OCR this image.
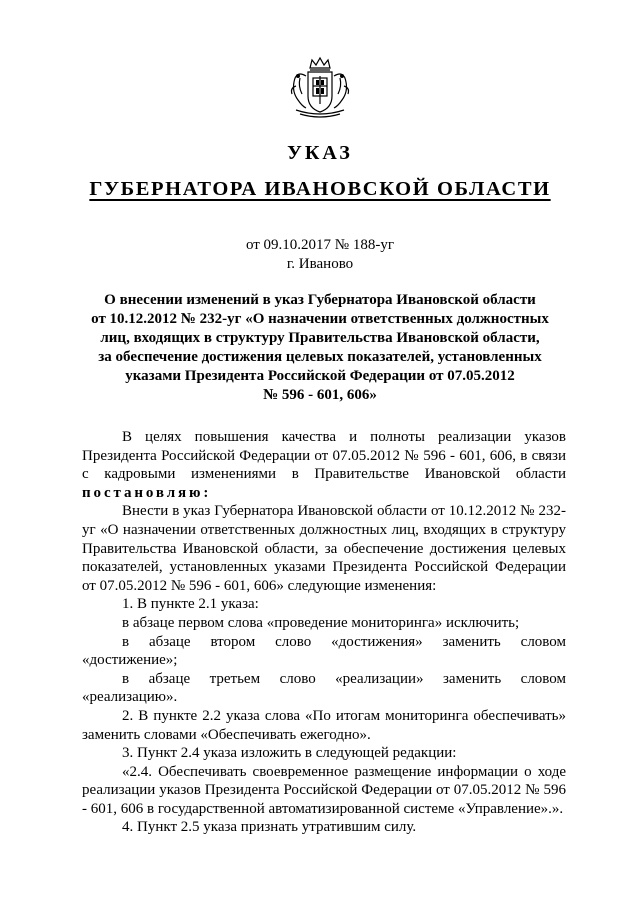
УКАЗ
ГУБЕРНАТОРА ИВАНОВСКОЙ ОБЛАСТИ
от 09.10.2017 № 188-уг
г. Иваново
О внесении изменений в указ Губернатора Ивановской области
от 10.12.2012 № 232-уг «О назначении ответственных должностных
лиц, входящих в структуру Правительства Ивановской области,
за обеспечение достижения целевых показателей, установленных
указами Президента Российской Федерации от 07.05.2012
№ 596 - 601, 606»

В целях повышения качества и полноты реализации указов Президента Российской Федерации от 07.05.2012 № 596 - 601, 606, в связи с кадровыми изменениями в Правительстве Ивановской области постановляю:

Внести в указ Губернатора Ивановской области от 10.12.2012 № 232-уг «О назначении ответственных должностных лиц, входящих в структуру Правительства Ивановской области, за обеспечение достижения целевых показателей, установленных указами Президента Российской Федерации от 07.05.2012 № 596 - 601, 606» следующие изменения:

1. В пункте 2.1 указа:

в абзаце первом слова «проведение мониторинга» исключить;

в абзаце втором слово «достижения» заменить словом «достижение»;

в абзаце третьем слово «реализации» заменить словом «реализацию».

2. В пункте 2.2 указа слова «По итогам мониторинга обеспечивать» заменить словами «Обеспечивать ежегодно».

3. Пункт 2.4 указа изложить в следующей редакции:

«2.4. Обеспечивать своевременное размещение информации о ходе реализации указов Президента Российской Федерации от 07.05.2012 № 596 - 601, 606 в государственной автоматизированной системе «Управление».».

4. Пункт 2.5 указа признать утратившим силу.
